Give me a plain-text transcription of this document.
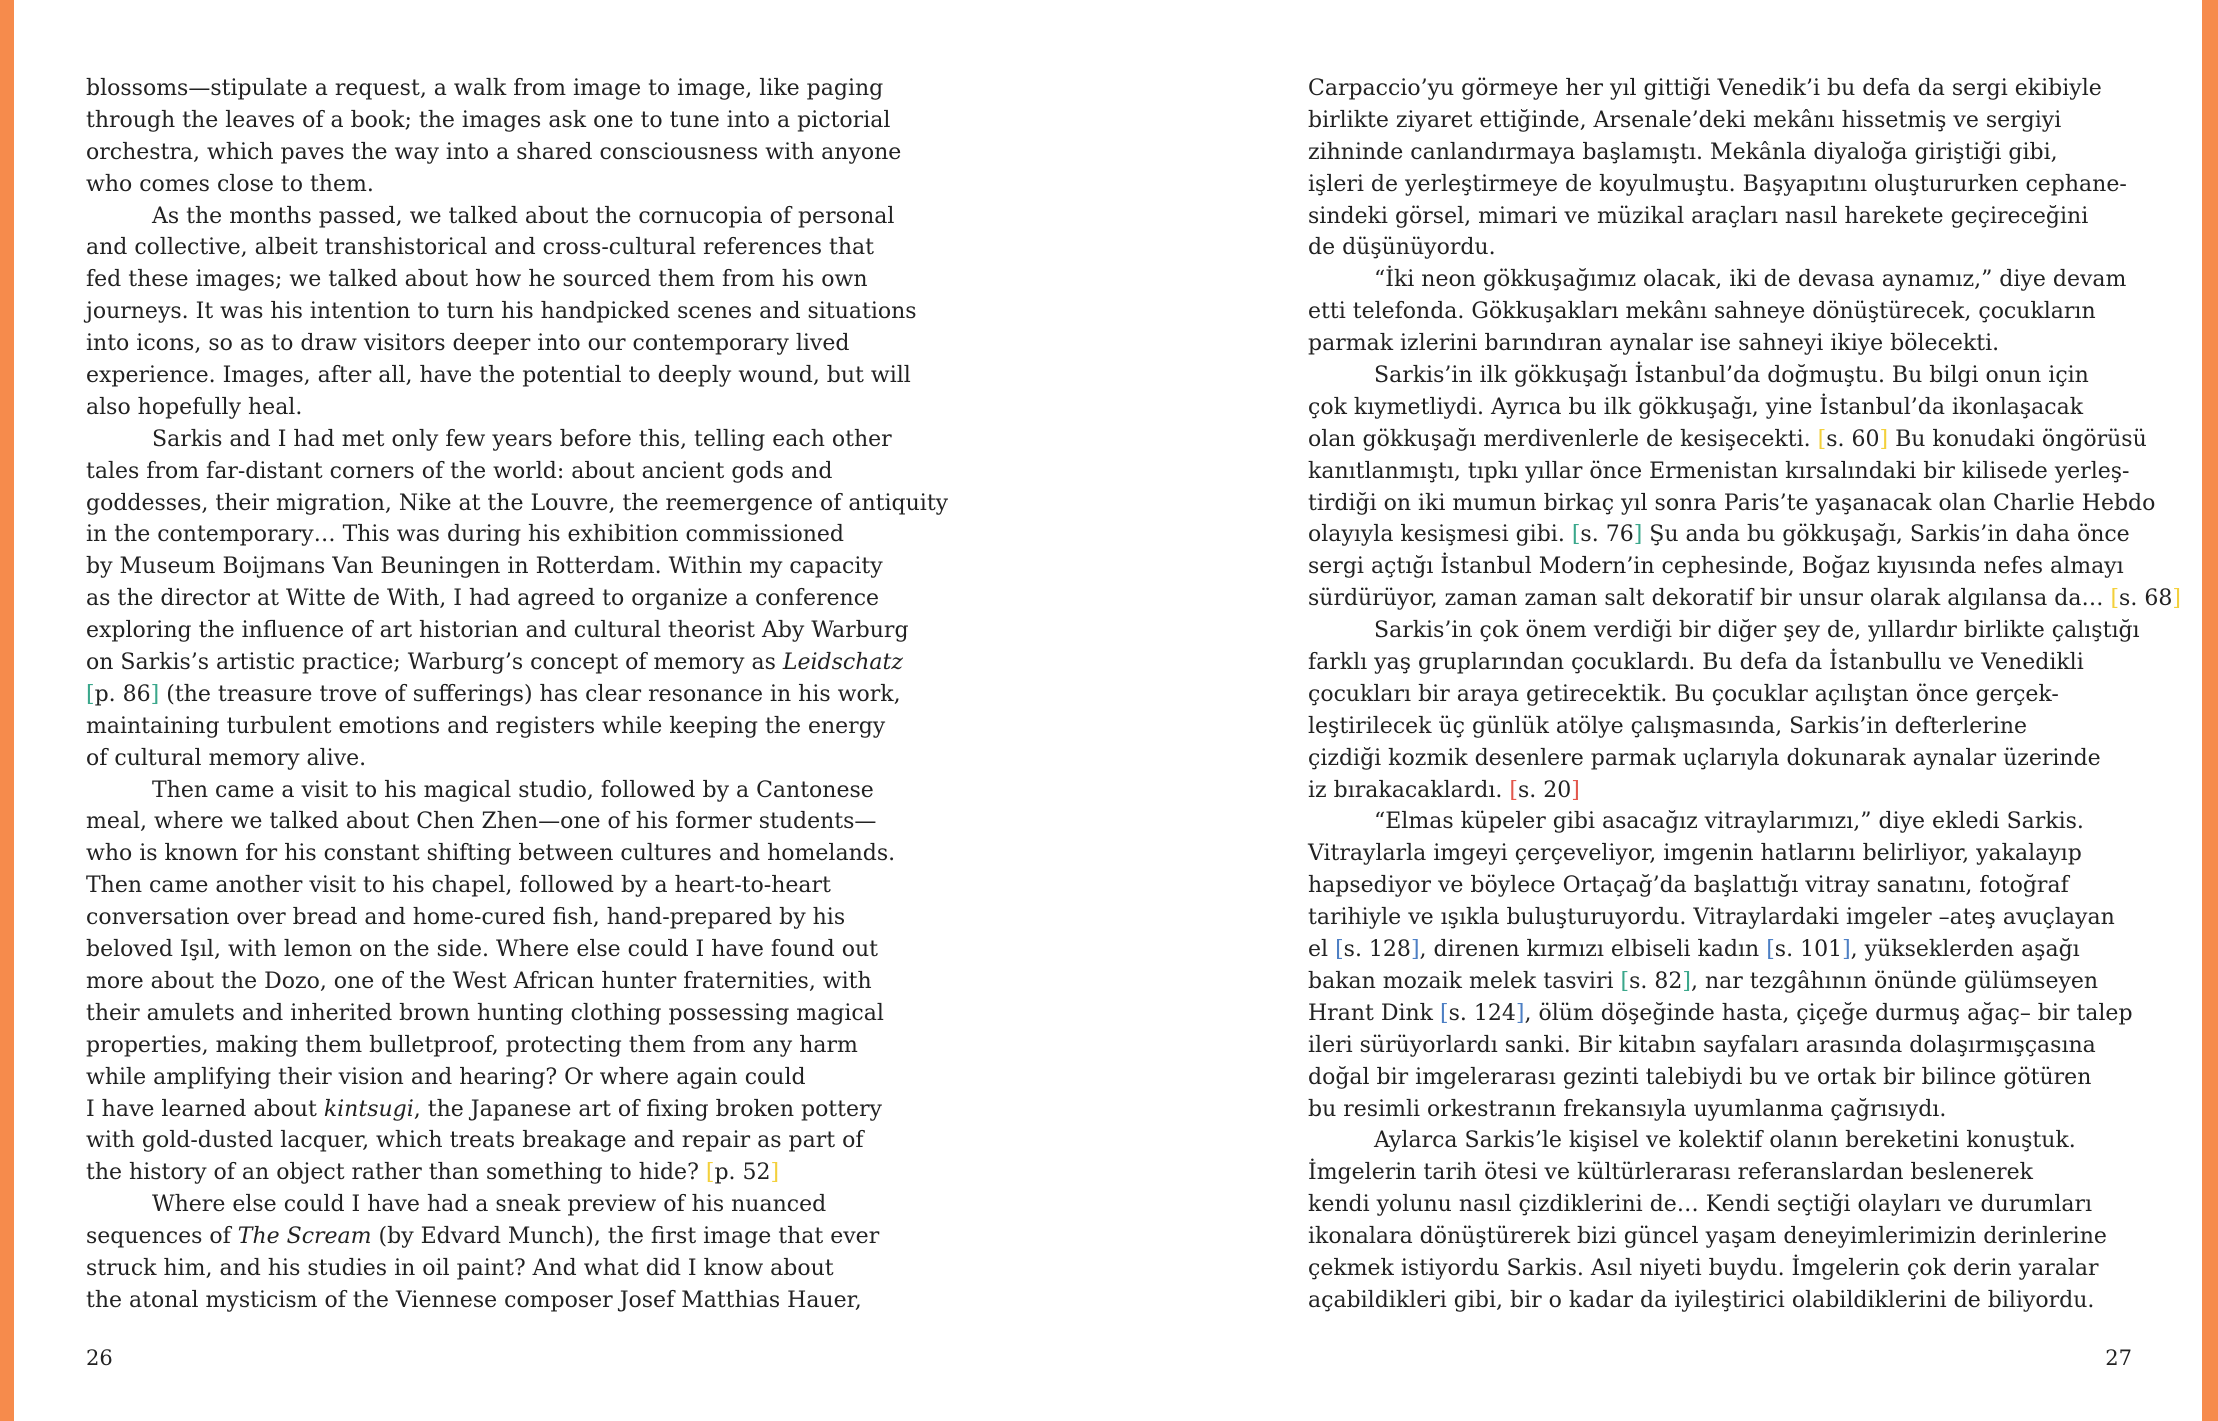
blossoms—stipulate a request, a walk from image to image, like paging
through the leaves of a book; the images ask one to tune into a pictorial
orchestra, which paves the way into a shared consciousness with anyone
who comes close to them.
As the months passed, we talked about the cornucopia of personal
and collective, albeit transhistorical and cross-cultural references that
fed these images; we talked about how he sourced them from his own
journeys. It was his intention to turn his handpicked scenes and situations
into icons, so as to draw visitors deeper into our contemporary lived
experience. Images, after all, have the potential to deeply wound, but will
also hopefully heal.
Sarkis and I had met only few years before this, telling each other
tales from far-distant corners of the world: about ancient gods and
goddesses, their migration, Nike at the Louvre, the reemergence of antiquity
in the contemporary… This was during his exhibition commissioned
by Museum Boijmans Van Beuningen in Rotterdam. Within my capacity
as the director at Witte de With, I had agreed to organize a conference
exploring the influence of art historian and cultural theorist Aby Warburg
on Sarkis’s artistic practice; Warburg’s concept of memory as Leidschatz
[p. 86] (the treasure trove of sufferings) has clear resonance in his work,
maintaining turbulent emotions and registers while keeping the energy
of cultural memory alive.
Then came a visit to his magical studio, followed by a Cantonese
meal, where we talked about Chen Zhen—one of his former students—
who is known for his constant shifting between cultures and homelands.
Then came another visit to his chapel, followed by a heart-to-heart
conversation over bread and home-cured fish, hand-prepared by his
beloved Işıl, with lemon on the side. Where else could I have found out
more about the Dozo, one of the West African hunter fraternities, with
their amulets and inherited brown hunting clothing possessing magical
properties, making them bulletproof, protecting them from any harm
while amplifying their vision and hearing? Or where again could
I have learned about kintsugi, the Japanese art of fixing broken pottery
with gold-dusted lacquer, which treats breakage and repair as part of
the history of an object rather than something to hide? [p. 52]
Where else could I have had a sneak preview of his nuanced
sequences of The Scream (by Edvard Munch), the first image that ever
struck him, and his studies in oil paint? And what did I know about
the atonal mysticism of the Viennese composer Josef Matthias Hauer,
26
Carpaccio’yu görmeye her yıl gittiği Venedik’i bu defa da sergi ekibiyle
birlikte ziyaret ettiğinde, Arsenale’deki mekânı hissetmiş ve sergiyi
zihninde canlandırmaya başlamıştı. Mekânla diyaloğa giriştiği gibi,
işleri de yerleştirmeye de koyulmuştu. Başyapıtını oluştururken cephane-
sindeki görsel, mimari ve müzikal araçları nasıl harekete geçireceğini
de düşünüyordu.
“İki neon gökkuşağımız olacak, iki de devasa aynamız,” diye devam
etti telefonda. Gökkuşakları mekânı sahneye dönüştürecek, çocukların
parmak izlerini barındıran aynalar ise sahneyi ikiye bölecekti.
Sarkis’in ilk gökkuşağı İstanbul’da doğmuştu. Bu bilgi onun için
çok kıymetliydi. Ayrıca bu ilk gökkuşağı, yine İstanbul’da ikonlaşacak
olan gökkuşağı merdivenlerle de kesişecekti. [s. 60] Bu konudaki öngörüsü
kanıtlanmıştı, tıpkı yıllar önce Ermenistan kırsalındaki bir kilisede yerleş-
tirdiği on iki mumun birkaç yıl sonra Paris’te yaşanacak olan Charlie Hebdo
olayıyla kesişmesi gibi. [s. 76] Şu anda bu gökkuşağı, Sarkis’in daha önce
sergi açtığı İstanbul Modern’in cephesinde, Boğaz kıyısında nefes almayı
sürdürüyor, zaman zaman salt dekoratif bir unsur olarak algılansa da… [s. 68]
Sarkis’in çok önem verdiği bir diğer şey de, yıllardır birlikte çalıştığı
farklı yaş gruplarından çocuklardı. Bu defa da İstanbullu ve Venedikli
çocukları bir araya getirecektik. Bu çocuklar açılıştan önce gerçek-
leştirilecek üç günlük atölye çalışmasında, Sarkis’in defterlerine
çizdiği kozmik desenlere parmak uçlarıyla dokunarak aynalar üzerinde
iz bırakacaklardı. [s. 20]
“Elmas küpeler gibi asacağız vitraylarımızı,” diye ekledi Sarkis.
Vitraylarla imgeyi çerçeveliyor, imgenin hatlarını belirliyor, yakalayıp
hapsediyor ve böylece Ortaçağ’da başlattığı vitray sanatını, fotoğraf
tarihiyle ve ışıkla buluşturuyordu. Vitraylardaki imgeler –ateş avuçlayan
el [s. 128], direnen kırmızı elbiseli kadın [s. 101], yükseklerden aşağı
bakan mozaik melek tasviri [s. 82], nar tezgâhının önünde gülümseyen
Hrant Dink [s. 124], ölüm döşeğinde hasta, çiçeğe durmuş ağaç– bir talep
ileri sürüyorlardı sanki. Bir kitabın sayfaları arasında dolaşırmışçasına
doğal bir imgelerarası gezinti talebiydi bu ve ortak bir bilince götüren
bu resimli orkestranın frekansıyla uyumlanma çağrısıydı.
Aylarca Sarkis’le kişisel ve kolektif olanın bereketini konuştuk.
İmgelerin tarih ötesi ve kültürlerarası referanslardan beslenerek
kendi yolunu nasıl çizdiklerini de… Kendi seçtiği olayları ve durumları
ikonalara dönüştürerek bizi güncel yaşam deneyimlerimizin derinlerine
çekmek istiyordu Sarkis. Asıl niyeti buydu. İmgelerin çok derin yaralar
açabildikleri gibi, bir o kadar da iyileştirici olabildiklerini de biliyordu.
27
